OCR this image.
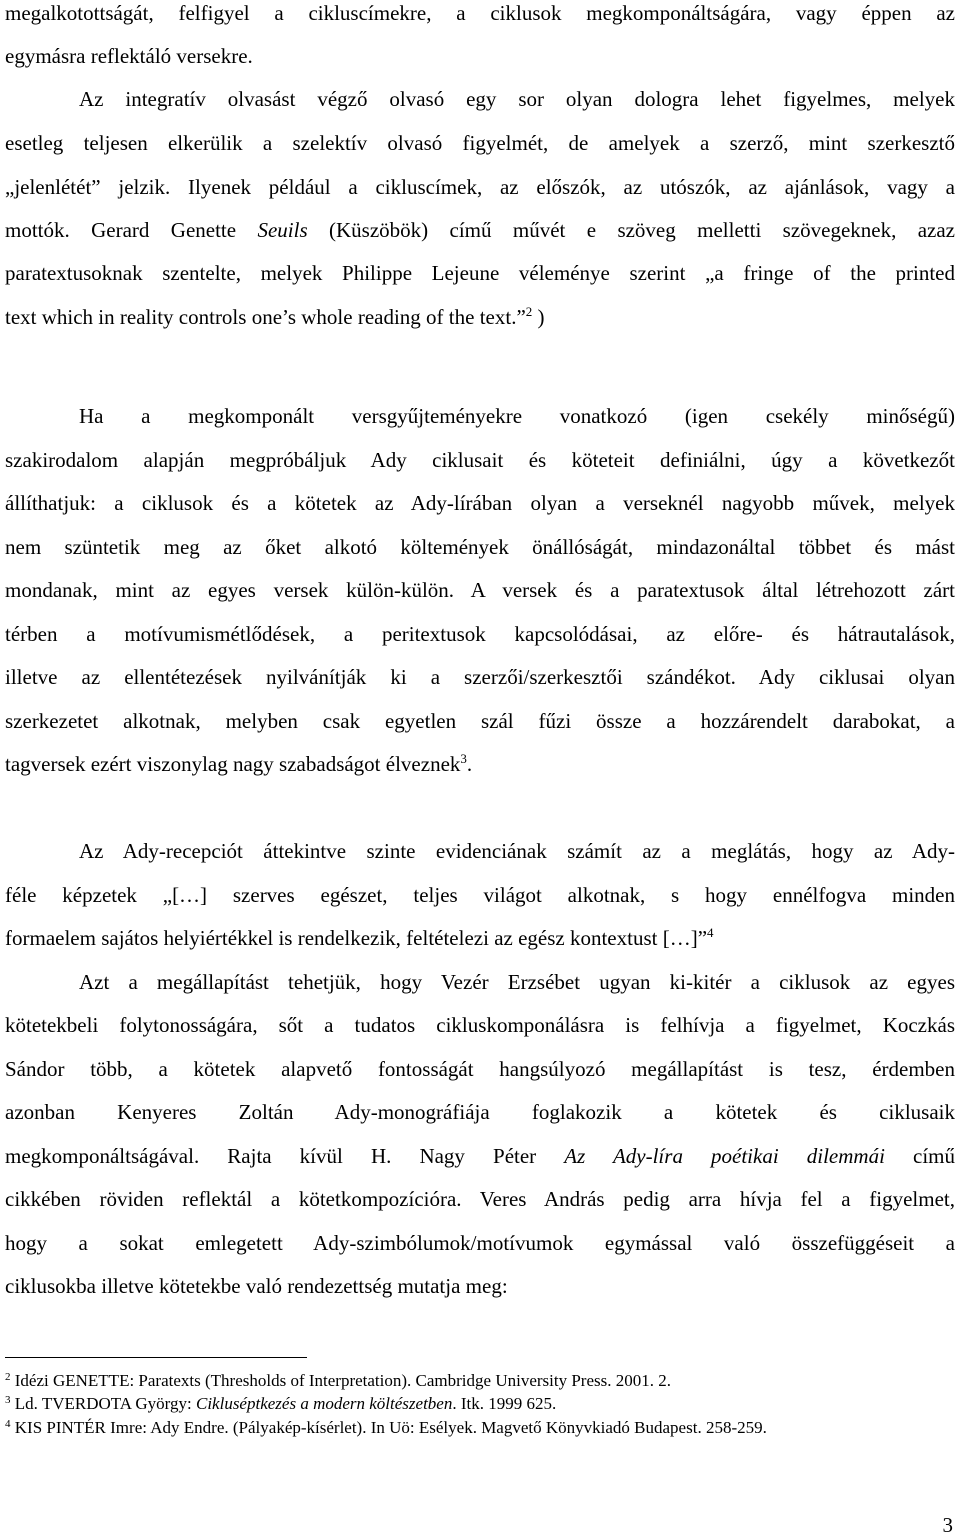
megalkotottságát, felfigyel a cikluscímekre, a ciklusok megkomponáltságára, vagy éppen az
egymásra reflektáló versekre.
Az integratív olvasást végző olvasó egy sor olyan dologra lehet figyelmes, melyek
esetleg teljesen elkerülik a szelektív olvasó figyelmét, de amelyek a szerző, mint szerkesztő
„jelenlétét” jelzik. Ilyenek például a cikluscímek, az előszók, az utószók, az ajánlások, vagy a
mottók. Gerard Genette Seuils (Küszöbök) című művét e szöveg melletti szövegeknek, azaz
paratextusoknak szentelte, melyek Philippe Lejeune véleménye szerint „a fringe of the printed
text which in reality controls one’s whole reading of the text.”$^2$ )
Ha a megkomponált versgyűjteményekre vonatkozó (igen csekély minőségű)
szakirodalom alapján megpróbáljuk Ady ciklusait és köteteit definiálni, úgy a következőt
állíthatjuk: a ciklusok és a kötetek az Ady-lírában olyan a verseknél nagyobb művek, melyek
nem szüntetik meg az őket alkotó költemények önállóságát, mindazonáltal többet és mást
mondanak, mint az egyes versek külön-külön. A versek és a paratextusok által létrehozott zárt
térben a motívumismétlődések, a peritextusok kapcsolódásai, az előre- és hátrautalások,
illetve az ellentétezések nyilvánítják ki a szerzői/szerkesztői szándékot. Ady ciklusai olyan
szerkezetet alkotnak, melyben csak egyetlen szál fűzi össze a hozzárendelt darabokat, a
tagversek ezért viszonylag nagy szabadságot élveznek$^3$.
Az Ady-recepciót áttekintve szinte evidenciának számít az a meglátás, hogy az Ady-
féle képzetek „[…] szerves egészet, teljes világot alkotnak, s hogy ennélfogva minden
formaelem sajátos helyiértékkel is rendelkezik, feltételezi az egész kontextust […]”$^4$
Azt a megállapítást tehetjük, hogy Vezér Erzsébet ugyan ki-kitér a ciklusok az egyes
kötetekbeli folytonosságára, sőt a tudatos cikluskomponálásra is felhívja a figyelmet, Koczkás
Sándor több, a kötetek alapvető fontosságát hangsúlyozó megállapítást is tesz, érdemben
azonban Kenyeres Zoltán Ady-monográfiája foglakozik a kötetek és ciklusaik
megkomponáltságával. Rajta kívül H. Nagy Péter Az Ady-líra poétikai dilemmái című
cikkében röviden reflektál a kötetkompozícióra. Veres András pedig arra hívja fel a figyelmet,
hogy a sokat emlegetett Ady-szimbólumok/motívumok egymással való összefüggéseit a
ciklusokba illetve kötetekbe való rendezettség mutatja meg:
$^2$ Idézi GENETTE: Paratexts (Thresholds of Interpretation). Cambridge University Press. 2001. 2.
$^3$ Ld. TVERDOTA György: Cikluséptkezés a modern költészetben. Itk. 1999 625.
$^4$ KIS PINTÉR Imre: Ady Endre. (Pályakép-kísérlet). In Uö: Esélyek. Magvető Könyvkiadó Budapest. 258-259.
3
